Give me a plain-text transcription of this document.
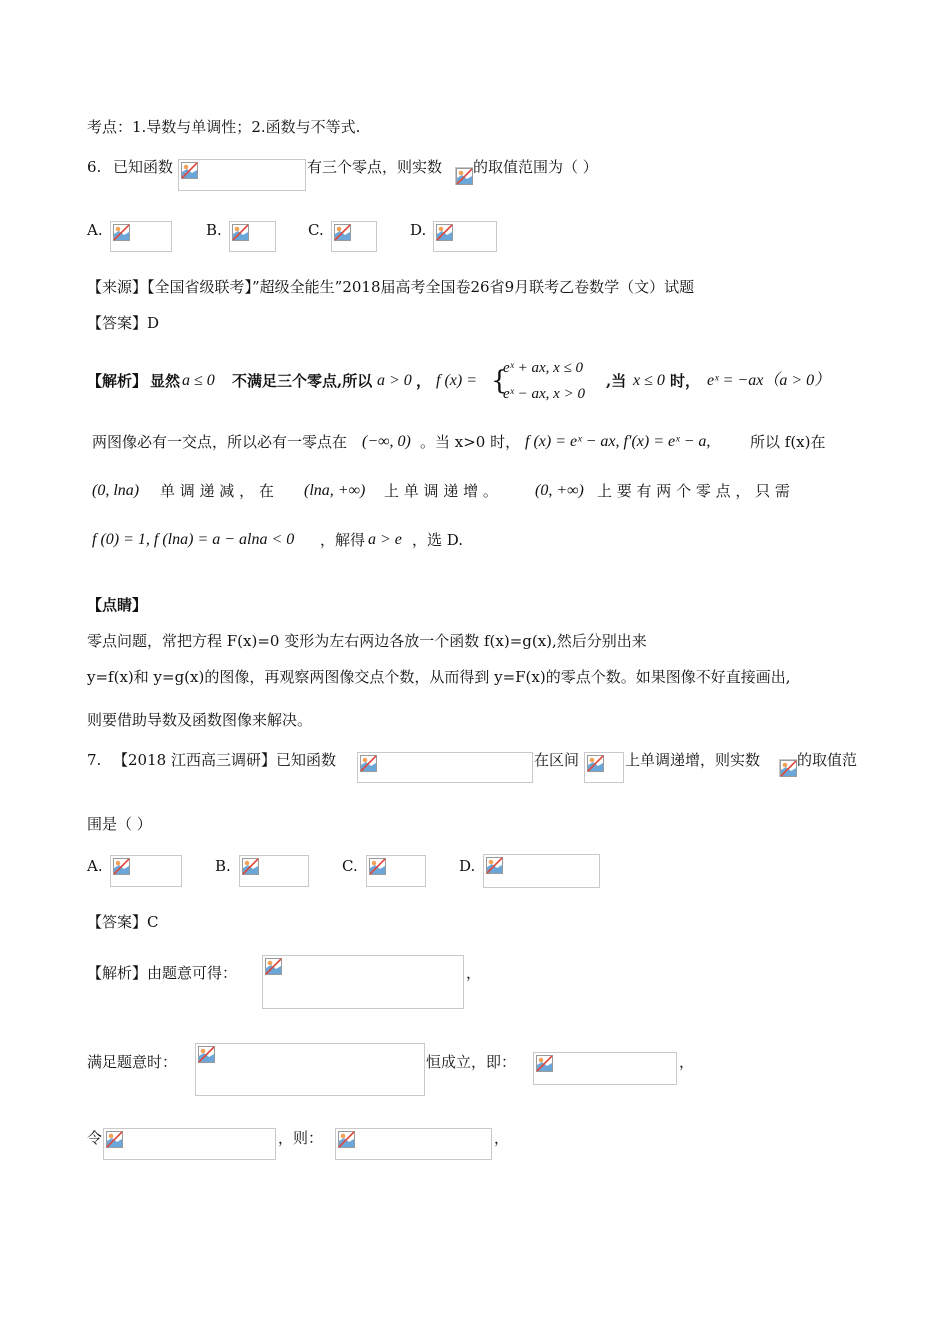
考点：1.导数与单调性；2.函数与不等式.
6. 已知函数	有三个零点，则实数 的取值范围为（ ）
A.	B.	C.	D.
【来源】【全国省级联考】”超级全能生”2018届高考全国卷26省9月联考乙卷数学（文）试题
【答案】D
【解析】 显然 a ≤ 0 不满足三个零点,所以 a > 0 ， f (x) = {
eˣ + ax, x ≤ 0
eˣ − ax, x > 0
,当 x ≤ 0 时， eˣ = −ax（a > 0）
两图像必有一交点，所以必有一零点在 (−∞, 0) 。当 x>0 时， f (x) = eˣ − ax, f′(x) = eˣ − a,	所以 f(x)在
(0, lna) 单 调 递 减 ， 在 (lna, +∞) 上 单 调 递 增 。 (0, +∞) 上 要 有 两 个 零 点 ， 只 需
f (0) = 1, f (lna) = a − alna < 0 ，解得 a > e ，选 D.
【点睛】
零点问题，常把方程 F(x)=0 变形为左右两边各放一个函数 f(x)=g(x),然后分别出来
y=f(x)和 y=g(x)的图像，再观察两图像交点个数，从而得到 y=F(x)的零点个数。如果图像不好直接画出,
则要借助导数及函数图像来解决。
7. 【2018 江西高三调研】已知函数	在区间	上单调递增，则实数 的取值范
围是（ ）
A.	B.	C.	D.
【答案】C
【解析】由题意可得：	，
满足题意时：	恒成立，即：	，
令	，则：	，
